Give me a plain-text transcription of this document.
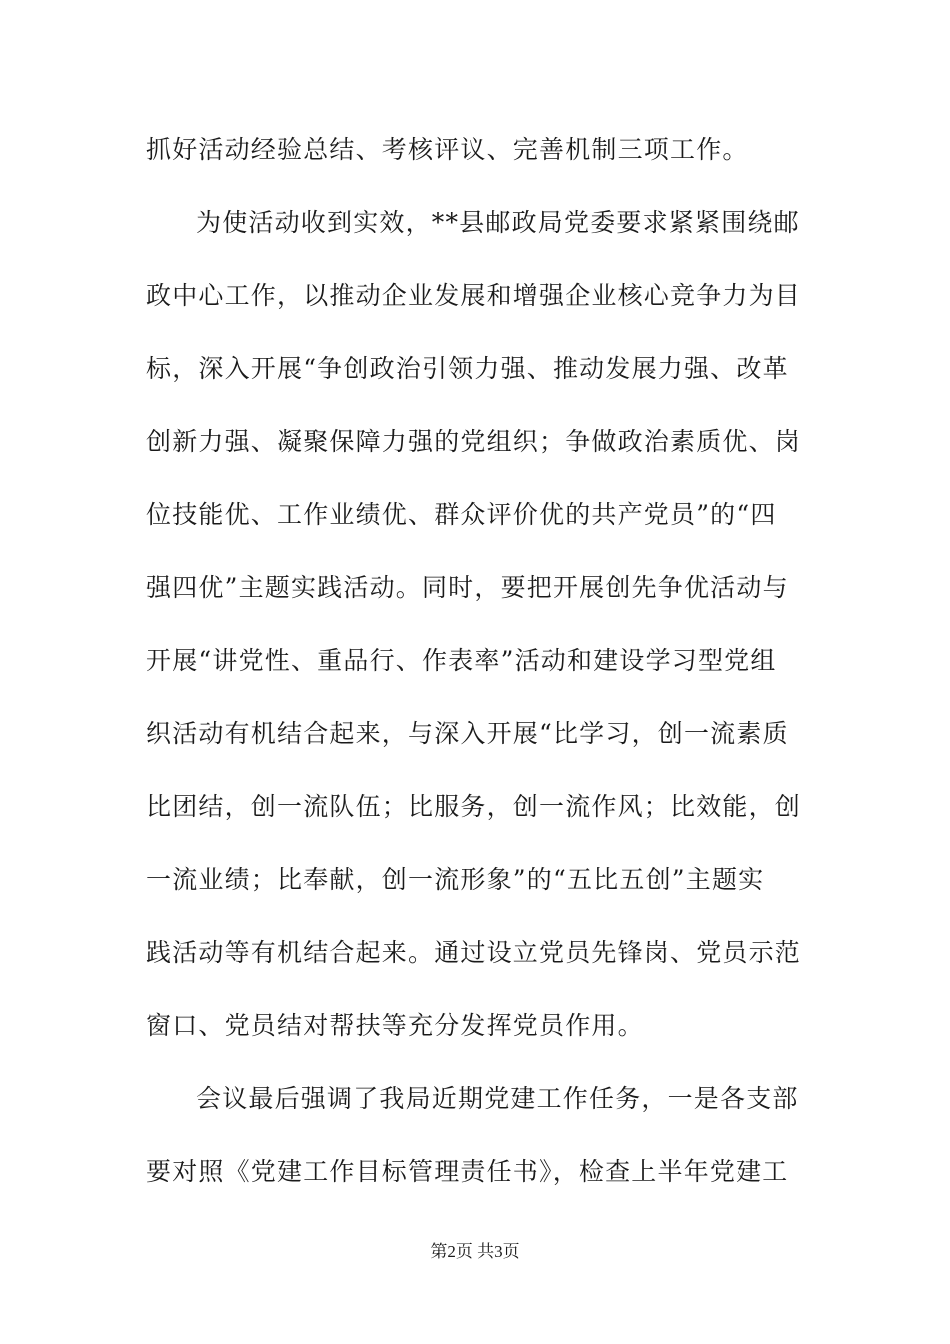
抓好活动经验总结、考核评议、完善机制三项工作。
为使活动收到实效，**县邮政局党委要求紧紧围绕邮
政中心工作，以推动企业发展和增强企业核心竞争力为目
标，深入开展“争创政治引领力强、推动发展力强、改革
创新力强、凝聚保障力强的党组织；争做政治素质优、岗
位技能优、工作业绩优、群众评价优的共产党员”的“四
强四优”主题实践活动。同时，要把开展创先争优活动与
开展“讲党性、重品行、作表率”活动和建设学习型党组
织活动有机结合起来，与深入开展“比学习，创一流素质
比团结，创一流队伍；比服务，创一流作风；比效能，创
一流业绩；比奉献，创一流形象”的“五比五创”主题实
践活动等有机结合起来。通过设立党员先锋岗、党员示范
窗口、党员结对帮扶等充分发挥党员作用。
会议最后强调了我局近期党建工作任务，一是各支部
要对照《党建工作目标管理责任书》，检查上半年党建工
第2页 共3页
